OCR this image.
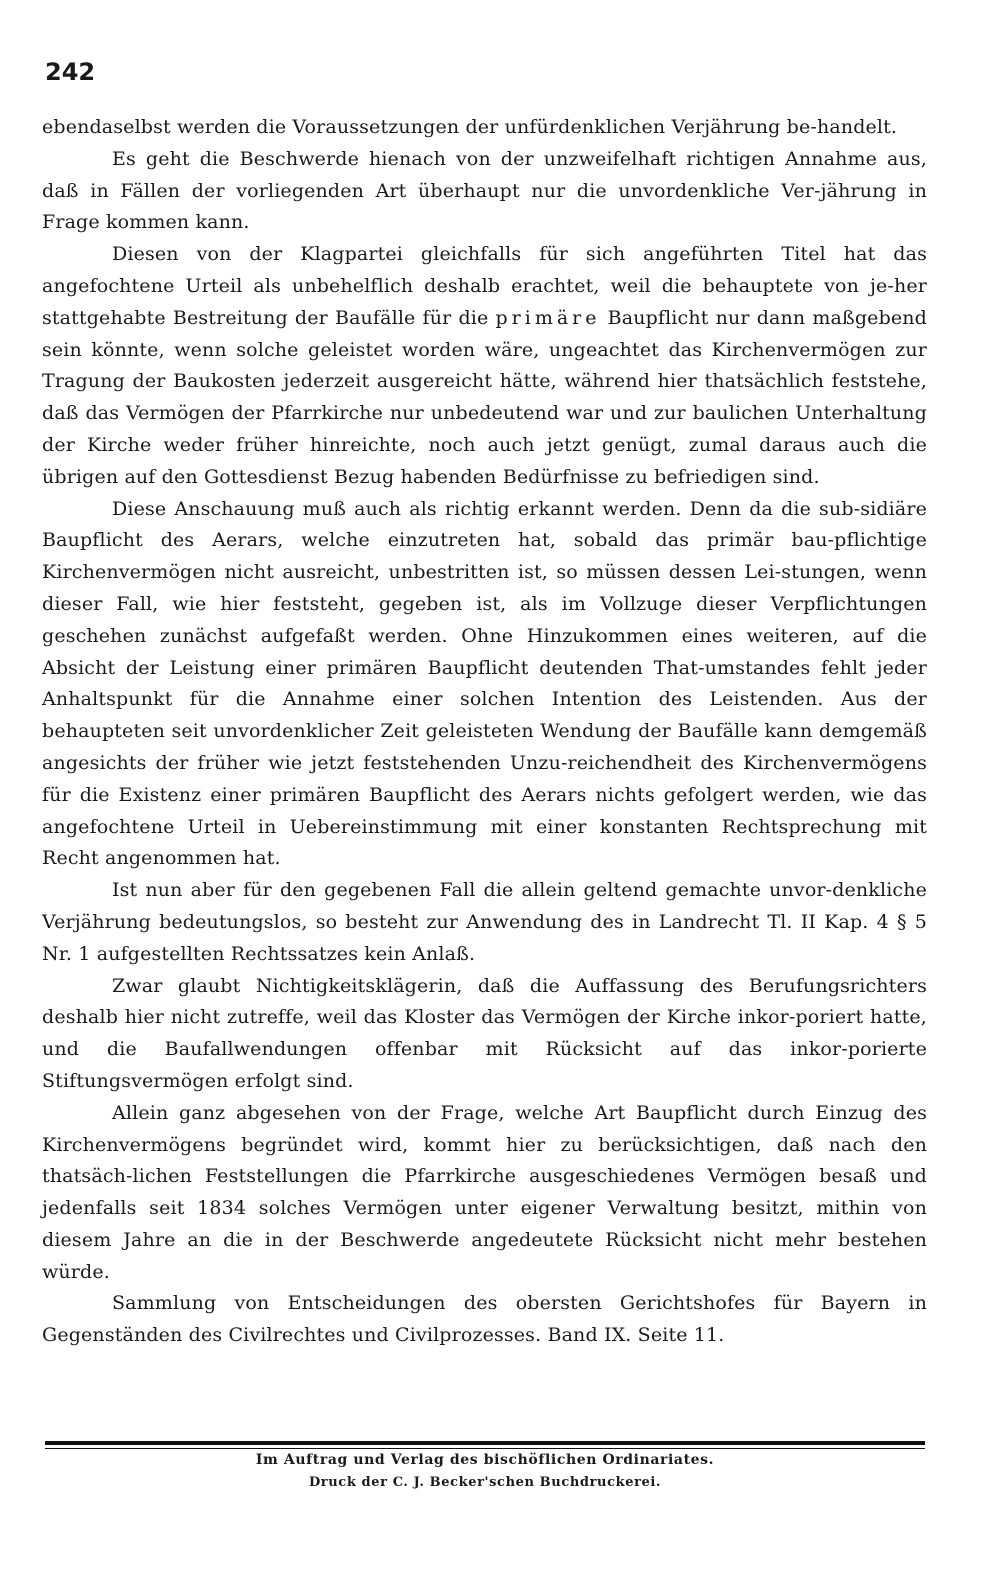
242

ebendaselbst werden die Voraussetzungen der unfürdenklichen Verjährung be-handelt.

Es geht die Beschwerde hienach von der unzweifelhaft richtigen Annahme aus, daß in Fällen der vorliegenden Art überhaupt nur die unvordenkliche Ver-jährung in Frage kommen kann.

Diesen von der Klagpartei gleichfalls für sich angeführten Titel hat das angefochtene Urteil als unbehelflich deshalb erachtet, weil die behauptete von je-her stattgehabte Bestreitung der Baufälle für die primäre Baupflicht nur dann maßgebend sein könnte, wenn solche geleistet worden wäre, ungeachtet das Kirchenvermögen zur Tragung der Baukosten jederzeit ausgereicht hätte, während hier thatsächlich feststehe, daß das Vermögen der Pfarrkirche nur unbedeutend war und zur baulichen Unterhaltung der Kirche weder früher hinreichte, noch auch jetzt genügt, zumal daraus auch die übrigen auf den Gottesdienst Bezug habenden Bedürfnisse zu befriedigen sind.

Diese Anschauung muß auch als richtig erkannt werden. Denn da die sub-sidiäre Baupflicht des Aerars, welche einzutreten hat, sobald das primär bau-pflichtige Kirchenvermögen nicht ausreicht, unbestritten ist, so müssen dessen Lei-stungen, wenn dieser Fall, wie hier feststeht, gegeben ist, als im Vollzuge dieser Verpflichtungen geschehen zunächst aufgefaßt werden. Ohne Hinzukommen eines weiteren, auf die Absicht der Leistung einer primären Baupflicht deutenden That-umstandes fehlt jeder Anhaltspunkt für die Annahme einer solchen Intention des Leistenden. Aus der behaupteten seit unvordenklicher Zeit geleisteten Wendung der Baufälle kann demgemäß angesichts der früher wie jetzt feststehenden Unzu-reichendheit des Kirchenvermögens für die Existenz einer primären Baupflicht des Aerars nichts gefolgert werden, wie das angefochtene Urteil in Uebereinstimmung mit einer konstanten Rechtsprechung mit Recht angenommen hat.

Ist nun aber für den gegebenen Fall die allein geltend gemachte unvor-denkliche Verjährung bedeutungslos, so besteht zur Anwendung des in Landrecht Tl. II Kap. 4 § 5 Nr. 1 aufgestellten Rechtssatzes kein Anlaß.

Zwar glaubt Nichtigkeitsklägerin, daß die Auffassung des Berufungsrichters deshalb hier nicht zutreffe, weil das Kloster das Vermögen der Kirche inkor-poriert hatte, und die Baufallwendungen offenbar mit Rücksicht auf das inkor-porierte Stiftungsvermögen erfolgt sind.

Allein ganz abgesehen von der Frage, welche Art Baupflicht durch Einzug des Kirchenvermögens begründet wird, kommt hier zu berücksichtigen, daß nach den thatsäch-lichen Feststellungen die Pfarrkirche ausgeschiedenes Vermögen besaß und jedenfalls seit 1834 solches Vermögen unter eigener Verwaltung besitzt, mithin von diesem Jahre an die in der Beschwerde angedeutete Rücksicht nicht mehr bestehen würde.

Sammlung von Entscheidungen des obersten Gerichtshofes für Bayern in Gegenständen des Civilrechtes und Civilprozesses. Band IX. Seite 11.

Im Auftrag und Verlag des bischöflichen Ordinariates.
Druck der C. J. Becker'schen Buchdruckerei.
